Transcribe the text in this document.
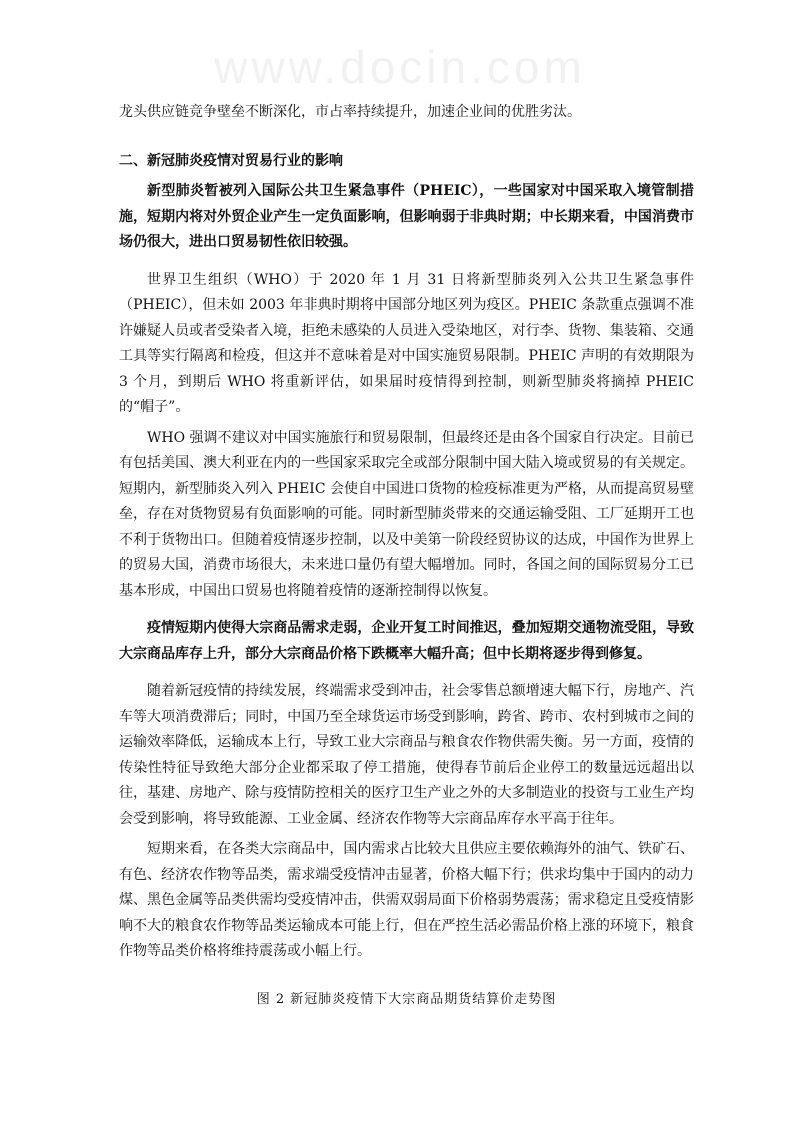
www.docin.com

龙头供应链竞争壁垒不断深化，市占率持续提升，加速企业间的优胜劣汰。

二、新冠肺炎疫情对贸易行业的影响

新型肺炎暂被列入国际公共卫生紧急事件（PHEIC），一些国家对中国采取入境管制措施，短期内将对外贸企业产生一定负面影响，但影响弱于非典时期；中长期来看，中国消费市场仍很大，进出口贸易韧性依旧较强。

世界卫生组织（WHO）于 2020 年 1 月 31 日将新型肺炎列入公共卫生紧急事件（PHEIC），但未如 2003 年非典时期将中国部分地区列为疫区。PHEIC 条款重点强调不准许嫌疑人员或者受染者入境，拒绝未感染的人员进入受染地区，对行李、货物、集装箱、交通工具等实行隔离和检疫，但这并不意味着是对中国实施贸易限制。PHEIC 声明的有效期限为 3 个月，到期后 WHO 将重新评估，如果届时疫情得到控制，则新型肺炎将摘掉 PHEIC 的“帽子”。

WHO 强调不建议对中国实施旅行和贸易限制，但最终还是由各个国家自行决定。目前已有包括美国、澳大利亚在内的一些国家采取完全或部分限制中国大陆入境或贸易的有关规定。短期内，新型肺炎入列入 PHEIC 会使自中国进口货物的检疫标准更为严格，从而提高贸易壁垒，存在对货物贸易有负面影响的可能。同时新型肺炎带来的交通运输受阻、工厂延期开工也不利于货物出口。但随着疫情逐步控制，以及中美第一阶段经贸协议的达成，中国作为世界上的贸易大国，消费市场很大，未来进口量仍有望大幅增加。同时，各国之间的国际贸易分工已基本形成，中国出口贸易也将随着疫情的逐渐控制得以恢复。

疫情短期内使得大宗商品需求走弱，企业开复工时间推迟，叠加短期交通物流受阻，导致大宗商品库存上升，部分大宗商品价格下跌概率大幅升高；但中长期将逐步得到修复。

随着新冠疫情的持续发展，终端需求受到冲击，社会零售总额增速大幅下行，房地产、汽车等大项消费滞后；同时，中国乃至全球货运市场受到影响，跨省、跨市、农村到城市之间的运输效率降低，运输成本上行，导致工业大宗商品与粮食农作物供需失衡。另一方面，疫情的传染性特征导致绝大部分企业都采取了停工措施，使得春节前后企业停工的数量远远超出以往，基建、房地产、除与疫情防控相关的医疗卫生产业之外的大多制造业的投资与工业生产均会受到影响，将导致能源、工业金属、经济农作物等大宗商品库存水平高于往年。

短期来看，在各类大宗商品中，国内需求占比较大且供应主要依赖海外的油气、铁矿石、有色、经济农作物等品类，需求端受疫情冲击显著，价格大幅下行；供求均集中于国内的动力煤、黑色金属等品类供需均受疫情冲击，供需双弱局面下价格弱势震荡；需求稳定且受疫情影响不大的粮食农作物等品类运输成本可能上行，但在严控生活必需品价格上涨的环境下，粮食作物等品类价格将维持震荡或小幅上行。

图 2 新冠肺炎疫情下大宗商品期货结算价走势图
